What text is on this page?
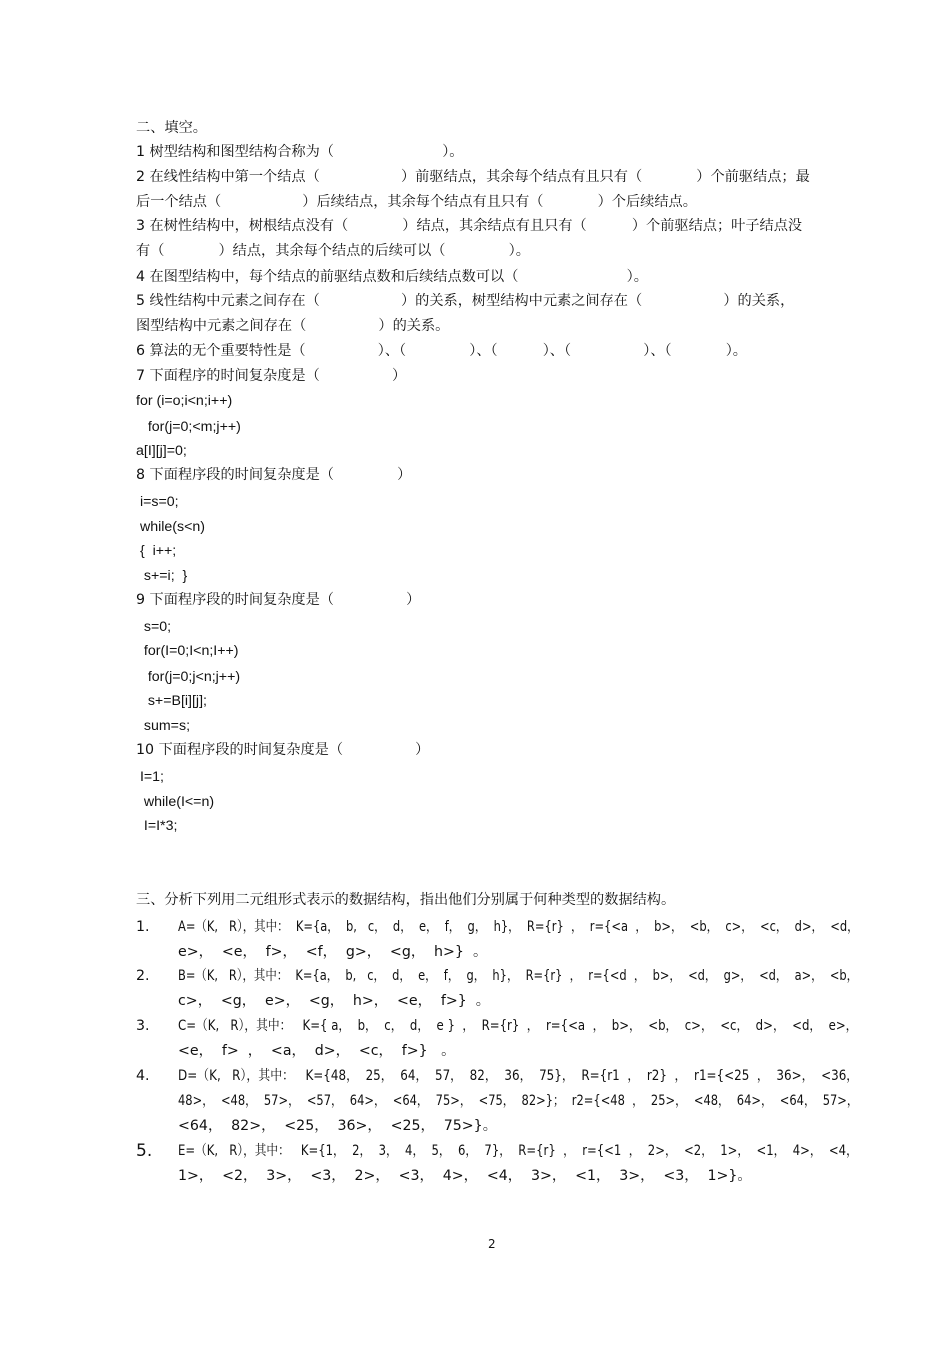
二、填空。
1 树型结构和图型结构合称为（                        ）。
2 在线性结构中第一个结点（                  ）前驱结点，其余每个结点有且只有（            ）个前驱结点；最
后一个结点（                  ）后续结点，其余每个结点有且只有（            ）个后续结点。
3 在树性结构中，树根结点没有（            ）结点，其余结点有且只有（          ）个前驱结点；叶子结点没
有（            ）结点，其余每个结点的后续可以（              ）。
4 在图型结构中，每个结点的前驱结点数和后续结点数可以（                        ）。
5 线性结构中元素之间存在（                  ）的关系，树型结构中元素之间存在（                  ）的关系，
图型结构中元素之间存在（                ）的关系。
6 算法的无个重要特性是（                ）、（              ）、（          ）、（                ）、（            ）。
7 下面程序的时间复杂度是（                ）
for (i=o;i<n;i++)
for(j=0;<m;j++)
a[I][j]=0;
8 下面程序段的时间复杂度是（              ）
i=s=0;
while(s<n)
{  i++;
s+=i;  }
9 下面程序段的时间复杂度是（                ）
s=0;
for(I=0;I<n;I++)
for(j=0;j<n;j++)
s+=B[i][j];
sum=s;
10 下面程序段的时间复杂度是（                ）
I=1;
while(I<=n)
I=I*3;
三、分析下列用二元组形式表示的数据结构，指出他们分别属于何种类型的数据结构。
1. A=（K,   R），其中：  K={a，  b,   c，  d，  e，  f，  g，  h}，  R={r}  ，  r={<a  ，  b>，  <b，  c>，  <c，  d>，  <d，
e>，  <e，  f>，  <f，  g>，  <g，  h>}  。
2. B=（K,   R），其中：  K={a，  b,   c，  d，  e，  f，  g，  h}，  R={r}  ，  r={<d  ，  b>，  <d，  g>，  <d，  a>，  <b，
c>，  <g，  e>，  <g，  h>，  <e，  f>}  。
3. C=（K,   R），其中：   K={ a，  b，  c，  d，  e }  ，  R={r}  ，  r={<a  ，  b>，  <b，  c>，  <c，  d>，  <d，  e>，
<e，  f>  ，  <a，  d>，  <c，  f>}   。
4. D=（K,   R），其中：   K={48，  25，  64，  57，  82，  36，  75}，  R={r1  ，  r2}  ，  r1={<25  ，  36>，  <36，
48>，  <48，  57>，  <57，  64>，  <64，  75>，  <75，  82>}；  r2={<48  ，  25>，  <48，  64>，  <64，  57>，
<64，  82>，  <25，  36>，  <25，  75>}。
5. E=（K,   R），其中：   K={1，  2，  3，  4，  5，  6，  7}，  R={r}  ，  r={<1  ，  2>，  <2，  1>，  <1，  4>，  <4，
1>，  <2，  3>，  <3，  2>，  <3，  4>，  <4，  3>，  <1，  3>，  <3，  1>}。
2
